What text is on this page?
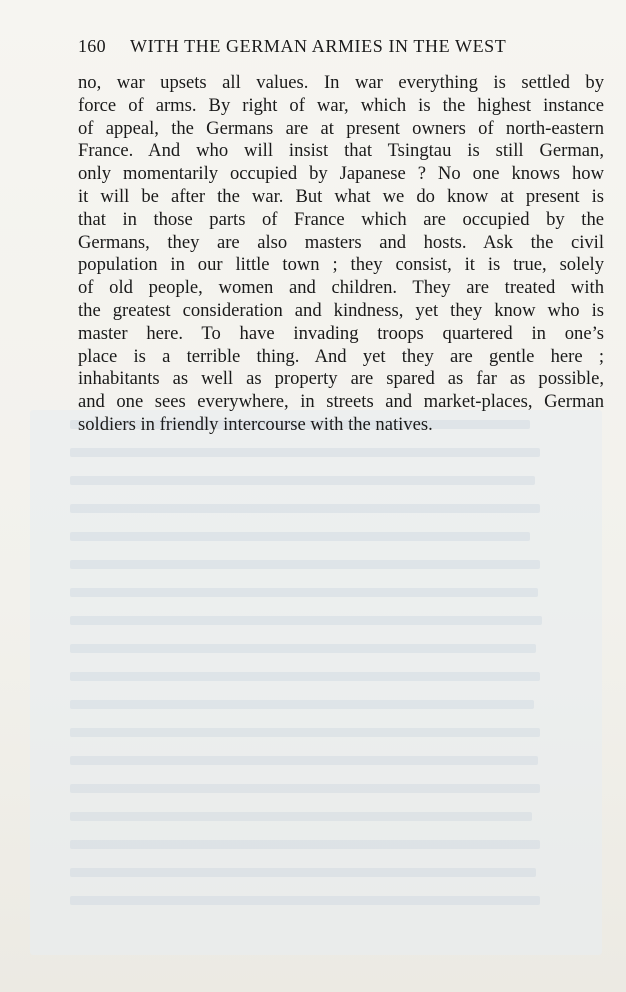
160 WITH THE GERMAN ARMIES IN THE WEST
no, war upsets all values. In war everything is settled by
force of arms. By right of war, which is the highest instance
of appeal, the Germans are at present owners of north-eastern
France. And who will insist that Tsingtau is still German,
only momentarily occupied by Japanese ? No one knows how
it will be after the war. But what we do know at present is
that in those parts of France which are occupied by the
Germans, they are also masters and hosts. Ask the civil
population in our little town ; they consist, it is true, solely
of old people, women and children. They are treated with
the greatest consideration and kindness, yet they know who is
master here. To have invading troops quartered in one’s
place is a terrible thing. And yet they are gentle here ;
inhabitants as well as property are spared as far as possible,
and one sees everywhere, in streets and market-places, German
soldiers in friendly intercourse with the natives.
